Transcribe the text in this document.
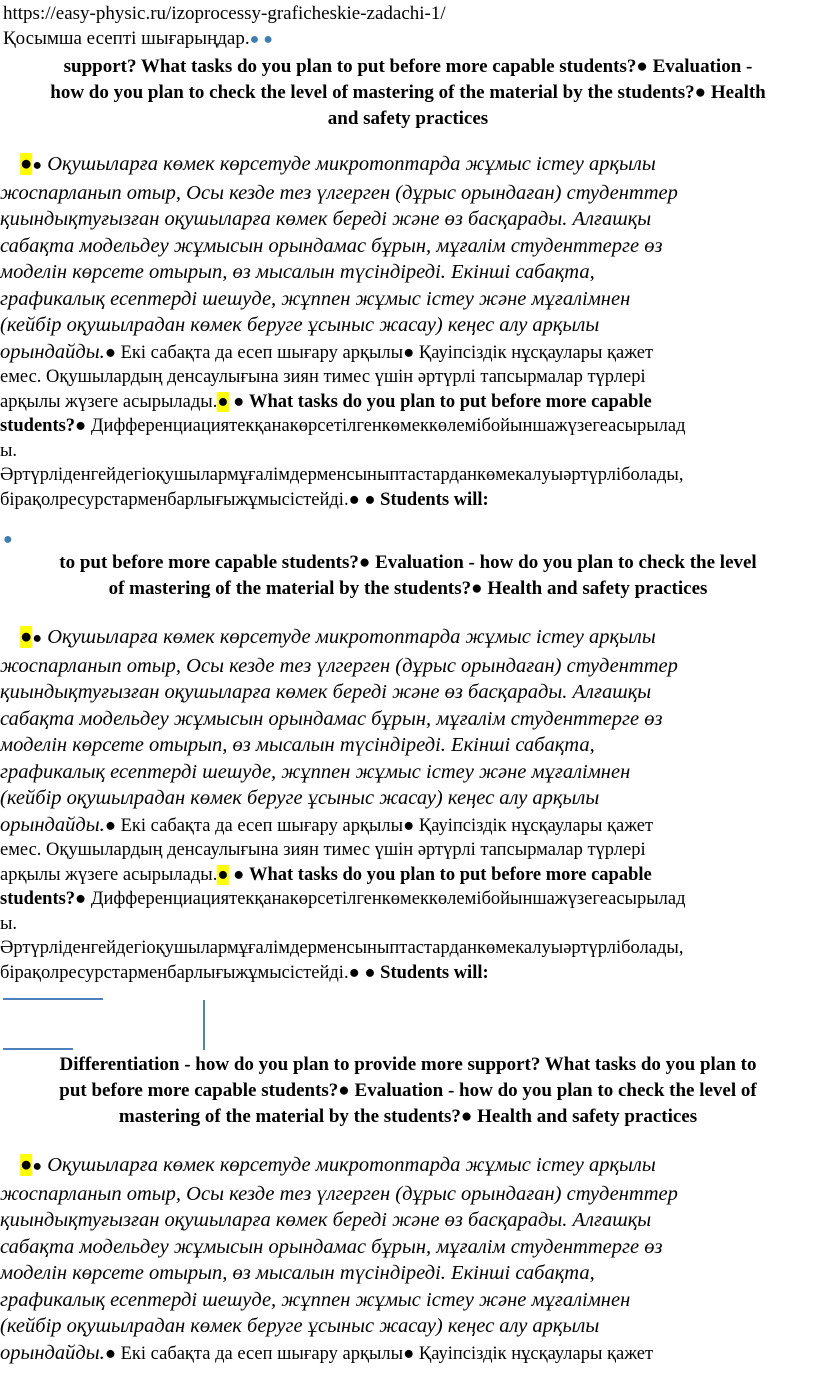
https://easy-physic.ru/izoprocessy-graficheskie-zadachi-1/
Қосымша есепті шығарыңдар.● ●
support? What tasks do you plan to put before more capable students?● Evaluation -
how do you plan to check the level of mastering of the material by the students?● Health
and safety practices
●● Оқушыларға көмек көрсетуде микротоптарда жұмыс істеу арқылы
жоспарланып отыр, Осы кезде тез үлгерген (дұрыс орындаған) студенттер
қиындықтуғызған оқушыларға көмек береді және өз басқарады. Алғашқы
сабақта модельдеу жұмысын орындамас бұрын, мұғалім студенттерге өз
моделін көрсете отырып, өз мысалын түсіндіреді. Екінші сабақта,
графикалық есептерді шешуде, жұппен жұмыс істеу және мұғалімнен
(кейбір оқушылрадан көмек беруге ұсыныс жасау) кеңес алу арқылы
орындайды.● Екі сабақта да есеп шығару арқылы● Қауіпсіздік нұсқаулары қажет
емес. Оқушылардың денсаулығына зиян тимес үшін әртүрлі тапсырмалар түрлері
арқылы жүзеге асырылады.● ● What tasks do you plan to put before more capable
students?● Дифференциациятекқанакөрсетілгенкөмеккөлемібойыншажүзегеасырылад
ы.
Әртүрліденгейдегіоқушылармұғалімдерменсыныптастарданкөмекалуыәртүрліболады,
бірақолресурстарменбарлығыжұмысістейді.● ● Students will:
●
to put before more capable students?● Evaluation - how do you plan to check the level
of mastering of the material by the students?● Health and safety practices
●● Оқушыларға көмек көрсетуде микротоптарда жұмыс істеу арқылы
жоспарланып отыр, Осы кезде тез үлгерген (дұрыс орындаған) студенттер
қиындықтуғызған оқушыларға көмек береді және өз басқарады. Алғашқы
сабақта модельдеу жұмысын орындамас бұрын, мұғалім студенттерге өз
моделін көрсете отырып, өз мысалын түсіндіреді. Екінші сабақта,
графикалық есептерді шешуде, жұппен жұмыс істеу және мұғалімнен
(кейбір оқушылрадан көмек беруге ұсыныс жасау) кеңес алу арқылы
орындайды.● Екі сабақта да есеп шығару арқылы● Қауіпсіздік нұсқаулары қажет
емес. Оқушылардың денсаулығына зиян тимес үшін әртүрлі тапсырмалар түрлері
арқылы жүзеге асырылады.● ● What tasks do you plan to put before more capable
students?● Дифференциациятекқанакөрсетілгенкөмеккөлемібойыншажүзегеасырылад
ы.
Әртүрліденгейдегіоқушылармұғалімдерменсыныптастарданкөмекалуыәртүрліболады,
бірақолресурстарменбарлығыжұмысістейді.● ● Students will:
Differentiation - how do you plan to provide more support? What tasks do you plan to
put before more capable students?● Evaluation - how do you plan to check the level of
mastering of the material by the students?● Health and safety practices
●● Оқушыларға көмек көрсетуде микротоптарда жұмыс істеу арқылы
жоспарланып отыр, Осы кезде тез үлгерген (дұрыс орындаған) студенттер
қиындықтуғызған оқушыларға көмек береді және өз басқарады. Алғашқы
сабақта модельдеу жұмысын орындамас бұрын, мұғалім студенттерге өз
моделін көрсете отырып, өз мысалын түсіндіреді. Екінші сабақта,
графикалық есептерді шешуде, жұппен жұмыс істеу және мұғалімнен
(кейбір оқушылрадан көмек беруге ұсыныс жасау) кеңес алу арқылы
орындайды.● Екі сабақта да есеп шығару арқылы● Қауіпсіздік нұсқаулары қажет
